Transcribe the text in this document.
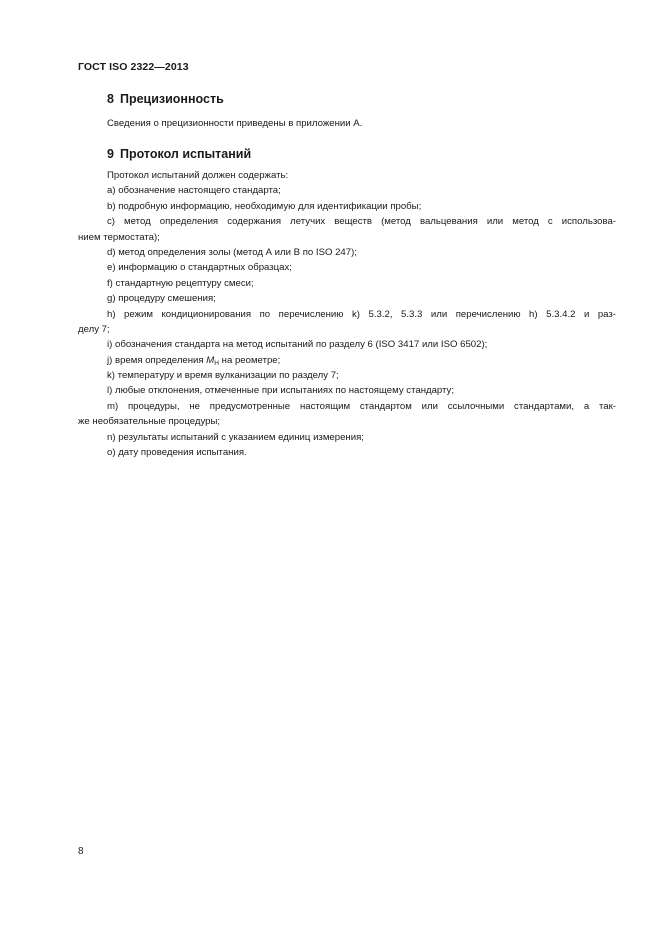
ГОСТ ISO 2322—2013
8 Прецизионность
Сведения о прецизионности приведены в приложении А.
9 Протокол испытаний
Протокол испытаний должен содержать:
a) обозначение настоящего стандарта;
b) подробную информацию, необходимую для идентификации пробы;
c) метод определения содержания летучих веществ (метод вальцевания или метод с использова-
нием термостата);
d) метод определения золы (метод А или В по ISO 247);
e) информацию о стандартных образцах;
f) стандартную рецептуру смеси;
g) процедуру смешения;
h) режим кондиционирования по перечислению k) 5.3.2, 5.3.3 или перечислению h) 5.3.4.2 и раз-
делу 7;
i) обозначения стандарта на метод испытаний по разделу 6 (ISO 3417 или ISO 6502);
j) время определения $M_H$ на реометре;
k) температуру и время вулканизации по разделу 7;
l) любые отклонения, отмеченные при испытаниях по настоящему стандарту;
m) процедуры, не предусмотренные настоящим стандартом или ссылочными стандартами, а так-
же необязательные процедуры;
n) результаты испытаний с указанием единиц измерения;
o) дату проведения испытания.
8
